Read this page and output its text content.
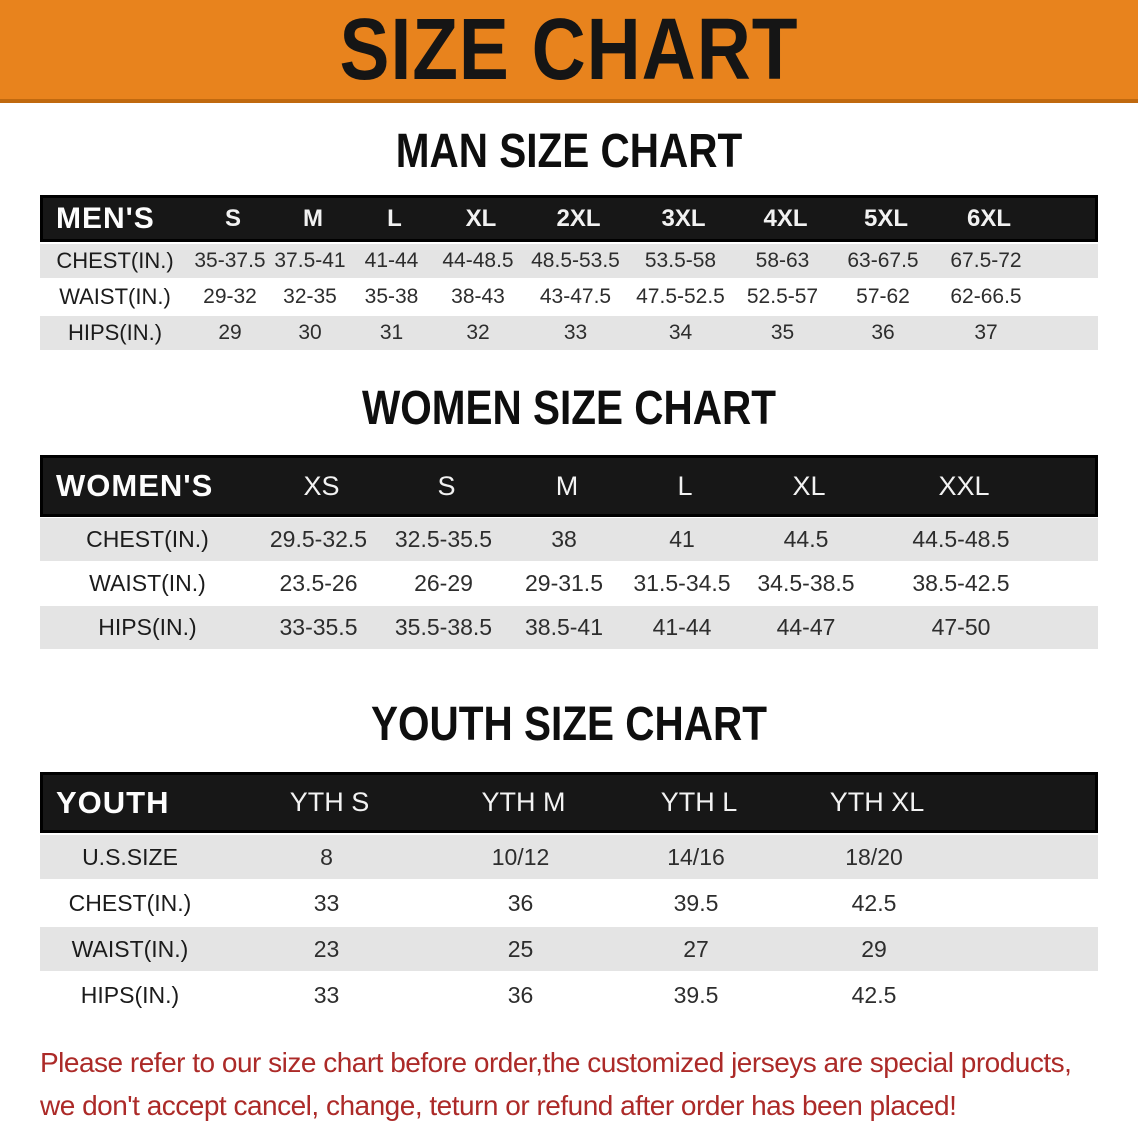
SIZE CHART
MAN SIZE CHART
MEN'S	S	M	L	XL	2XL	3XL	4XL	5XL	6XL
CHEST(IN.) 35-37.5 37.5-41 41-44	44-48.5 48.5-53.5	53.5-58	58-63	63-67.5	67.5-72
WAIST(IN.)	29-32	32-35	35-38	38-43	43-47.5	47.5-52.5	52.5-57	57-62	62-66.5
HIPS(IN.)	29	30	31	32	33	34	35	36	37
WOMEN SIZE CHART
WOMEN'S	XS	S	M	L	XL	XXL
CHEST(IN.)	29.5-32.5	32.5-35.5	38	41	44.5	44.5-48.5
WAIST(IN.)	23.5-26	26-29	29-31.5	31.5-34.5	34.5-38.5	38.5-42.5
HIPS(IN.)	33-35.5	35.5-38.5	38.5-41	41-44	44-47	47-50
YOUTH SIZE CHART
YOUTH	YTH S	YTH M	YTH L	YTH XL
U.S.SIZE	8	10/12	14/16	18/20
CHEST(IN.)	33	36	39.5	42.5
WAIST(IN.)	23	25	27	29
HIPS(IN.)	33	36	39.5	42.5

Please refer to our size chart before order,the customized jerseys are special products,

we don't accept cancel, change, teturn or refund after order has been placed!
